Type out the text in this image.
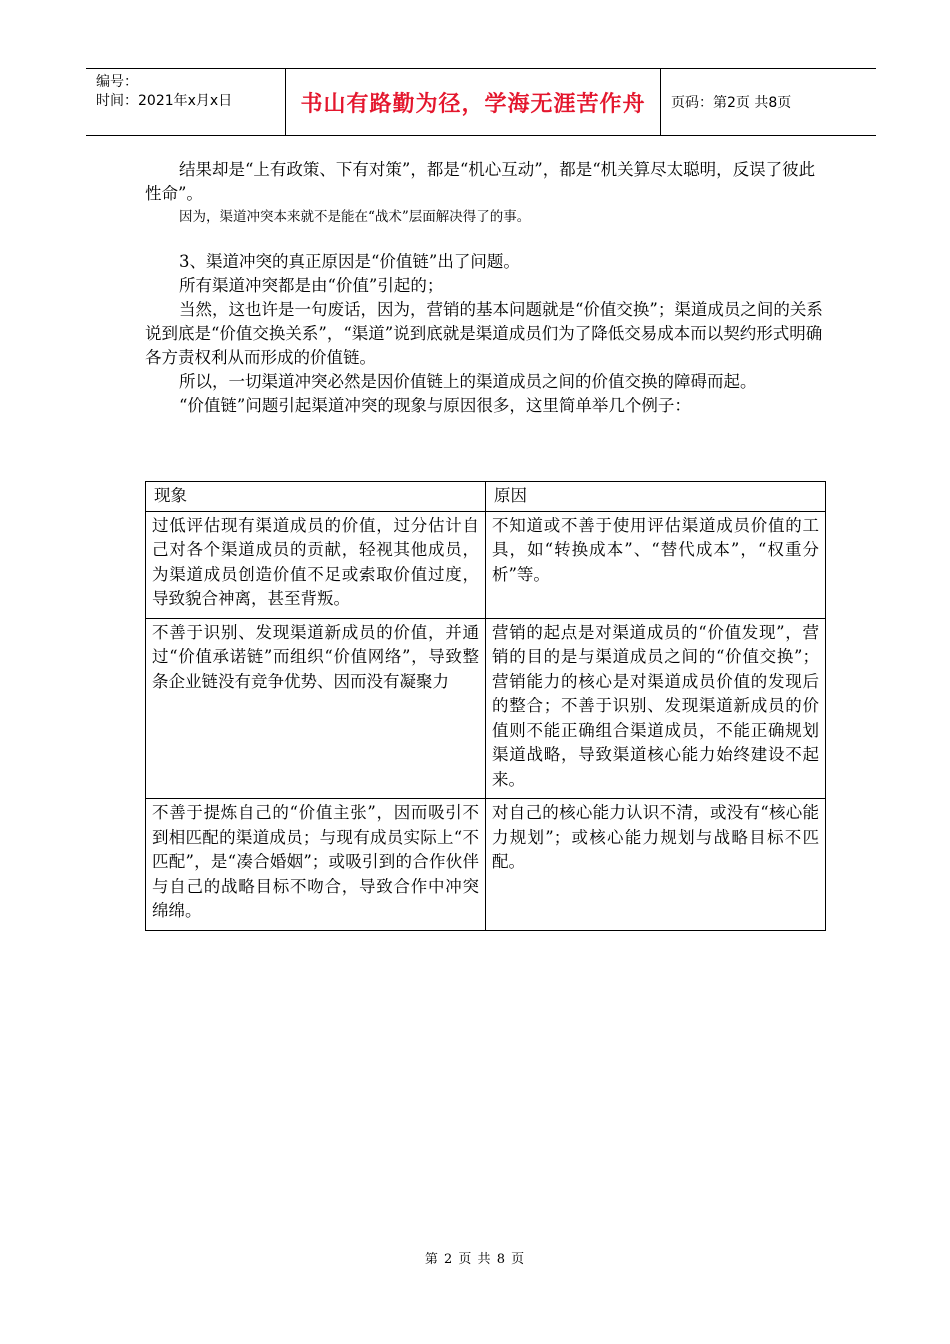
编号：
时间：2021年x月x日	书山有路勤为径，学海无涯苦作舟	页码：第2页 共8页

结果却是“上有政策、下有对策”，都是“机心互动”，都是“机关算尽太聪明，反误了彼此性命”。

因为，渠道冲突本来就不是能在“战术”层面解决得了的事。

3、渠道冲突的真正原因是“价值链”出了问题。

所有渠道冲突都是由“价值”引起的；

当然，这也许是一句废话，因为，营销的基本问题就是“价值交换”；渠道成员之间的关系说到底是“价值交换关系”，“渠道”说到底就是渠道成员们为了降低交易成本而以契约形式明确各方责权利从而形成的价值链。

所以，一切渠道冲突必然是因价值链上的渠道成员之间的价值交换的障碍而起。

“价值链”问题引起渠道冲突的现象与原因很多，这里简单举几个例子：

现象	原因
过低评估现有渠道成员的价值，过分估计自己对各个渠道成员的贡献，轻视其他成员，为渠道成员创造价值不足或索取价值过度，导致貌合神离，甚至背叛。	不知道或不善于使用评估渠道成员价值的工具，如“转换成本”、“替代成本”，“权重分析”等。
不善于识别、发现渠道新成员的价值，并通过“价值承诺链”而组织“价值网络”，导致整条企业链没有竞争优势、因而没有凝聚力	营销的起点是对渠道成员的“价值发现”，营销的目的是与渠道成员之间的“价值交换”；营销能力的核心是对渠道成员价值的发现后的整合；不善于识别、发现渠道新成员的价值则不能正确组合渠道成员，不能正确规划渠道战略，导致渠道核心能力始终建设不起来。
不善于提炼自己的“价值主张”，因而吸引不到相匹配的渠道成员；与现有成员实际上“不匹配”，是“凑合婚姻”；或吸引到的合作伙伴与自己的战略目标不吻合，导致合作中冲突绵绵。	对自己的核心能力认识不清，或没有“核心能力规划”；或核心能力规划与战略目标不匹配。
第 2 页 共 8 页
